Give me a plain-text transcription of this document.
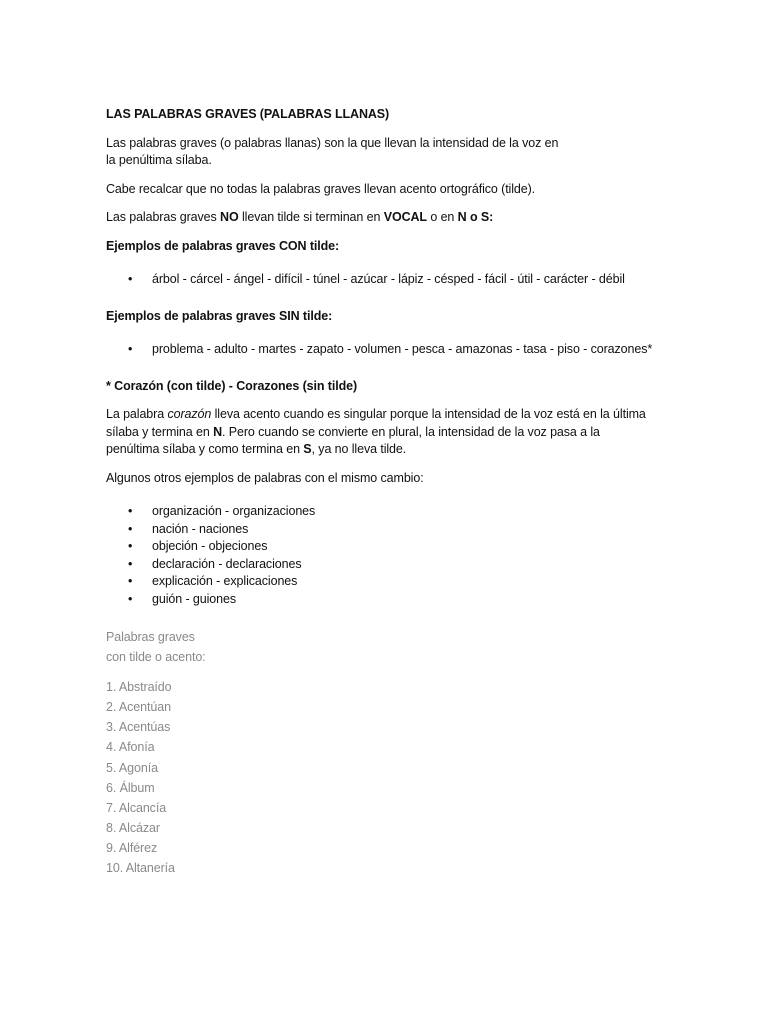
LAS PALABRAS GRAVES (PALABRAS LLANAS)

Las palabras graves (o palabras llanas) son la que llevan la intensidad de la voz en
la penúltima sílaba.

Cabe recalcar que no todas la palabras graves llevan acento ortográfico (tilde).

Las palabras graves NO llevan tilde si terminan en VOCAL o en N o S:

Ejemplos de palabras graves CON tilde:

• árbol - cárcel - ángel - difícil - túnel - azúcar - lápiz - césped - fácil - útil - carácter - débil

Ejemplos de palabras graves SIN tilde:

• problema - adulto - martes - zapato - volumen - pesca - amazonas - tasa - piso - corazones*

* Corazón (con tilde) - Corazones (sin tilde)

La palabra corazón lleva acento cuando es singular porque la intensidad de la voz está en la última
sílaba y termina en N. Pero cuando se convierte en plural, la intensidad de la voz pasa a la
penúltima sílaba y como termina en S, ya no lleva tilde.

Algunos otros ejemplos de palabras con el mismo cambio:

• organización - organizaciones
• nación - naciones
• objeción - objeciones
• declaración - declaraciones
• explicación - explicaciones
• guión - guiones

Palabras graves
con tilde o acento:

1. Abstraído

2. Acentúan

3. Acentúas

4. Afonía

5. Agonía

6. Álbum

7. Alcancía

8. Alcázar

9. Alférez

10. Altanería
